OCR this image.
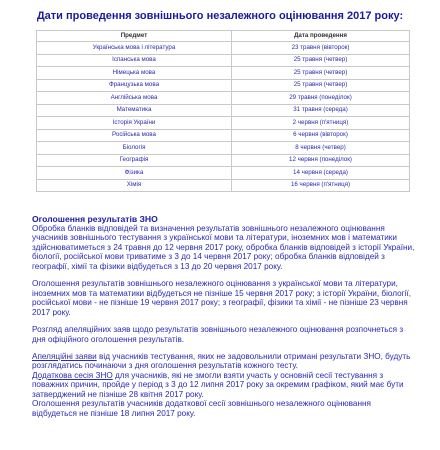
Дати проведення зовнішнього незалежного оцінювання 2017 року:
Предмет	Дата проведення
Українська мова і література	23 травня (вівторок)
Іспанська мова	25 травня (четвер)
Німецька мова	25 травня (четвер)
Французька мова	25 травня (четвер)
Англійська мова	29 травня (понеділок)
Математика	31 травня (середа)
Історія України	2 червня (п'ятниця)
Російська мова	6 червня (вівторок)
Біологія	8 червня (четвер)
Географія	12 червня (понеділок)
Фізика	14 червня (середа)
Хімія	16 червня (п'ятниця)
Оголошення результатів ЗНО

Обробка бланків відповідей та визначення результатів зовнішнього незалежного оцінювання учасників зовнішнього тестування з української мови та літератури, іноземних мов і математики здійснюватиметься з 24 травня до 12 червня 2017 року, обробка бланків відповідей з історії України, біології, російської мови триватиме з 3 до 14 червня 2017 року; обробка бланків відповідей з географії, хімії та фізики відбудеться з 13 до 20 червня 2017 року.

Оголошення результатів зовнішнього незалежного оцінювання з української мови та літератури, іноземних мов та математики відбудеться не пізніше 15 червня 2017 року; з історії України, біології, російської мови - не пізніше 19 червня 2017 року; з географії, фізики та хімії - не пізніше 23 червня 2017 року.

Розгляд апеляційних заяв щодо результатів зовнішнього незалежного оцінювання розпочнеться з дня офіційного оголошення результатів.

Апеляційні заяви від учасників тестування, яких не задовольнили отримані результати ЗНО, будуть розглядатись починаючи з дня оголошення результатів кожного тесту.
Додаткова сесія ЗНО для учасників, які не змогли взяти участь у основній сесії тестування з поважних причин, пройде у період з 3 до 12 липня 2017 року за окремим графіком, який має бути затверджений не пізніше 28 квітня 2017 року.
Оголошення результатів учасників додаткової сесії зовнішнього незалежного оцінювання відбудеться не пізніше 18 липня 2017 року.
